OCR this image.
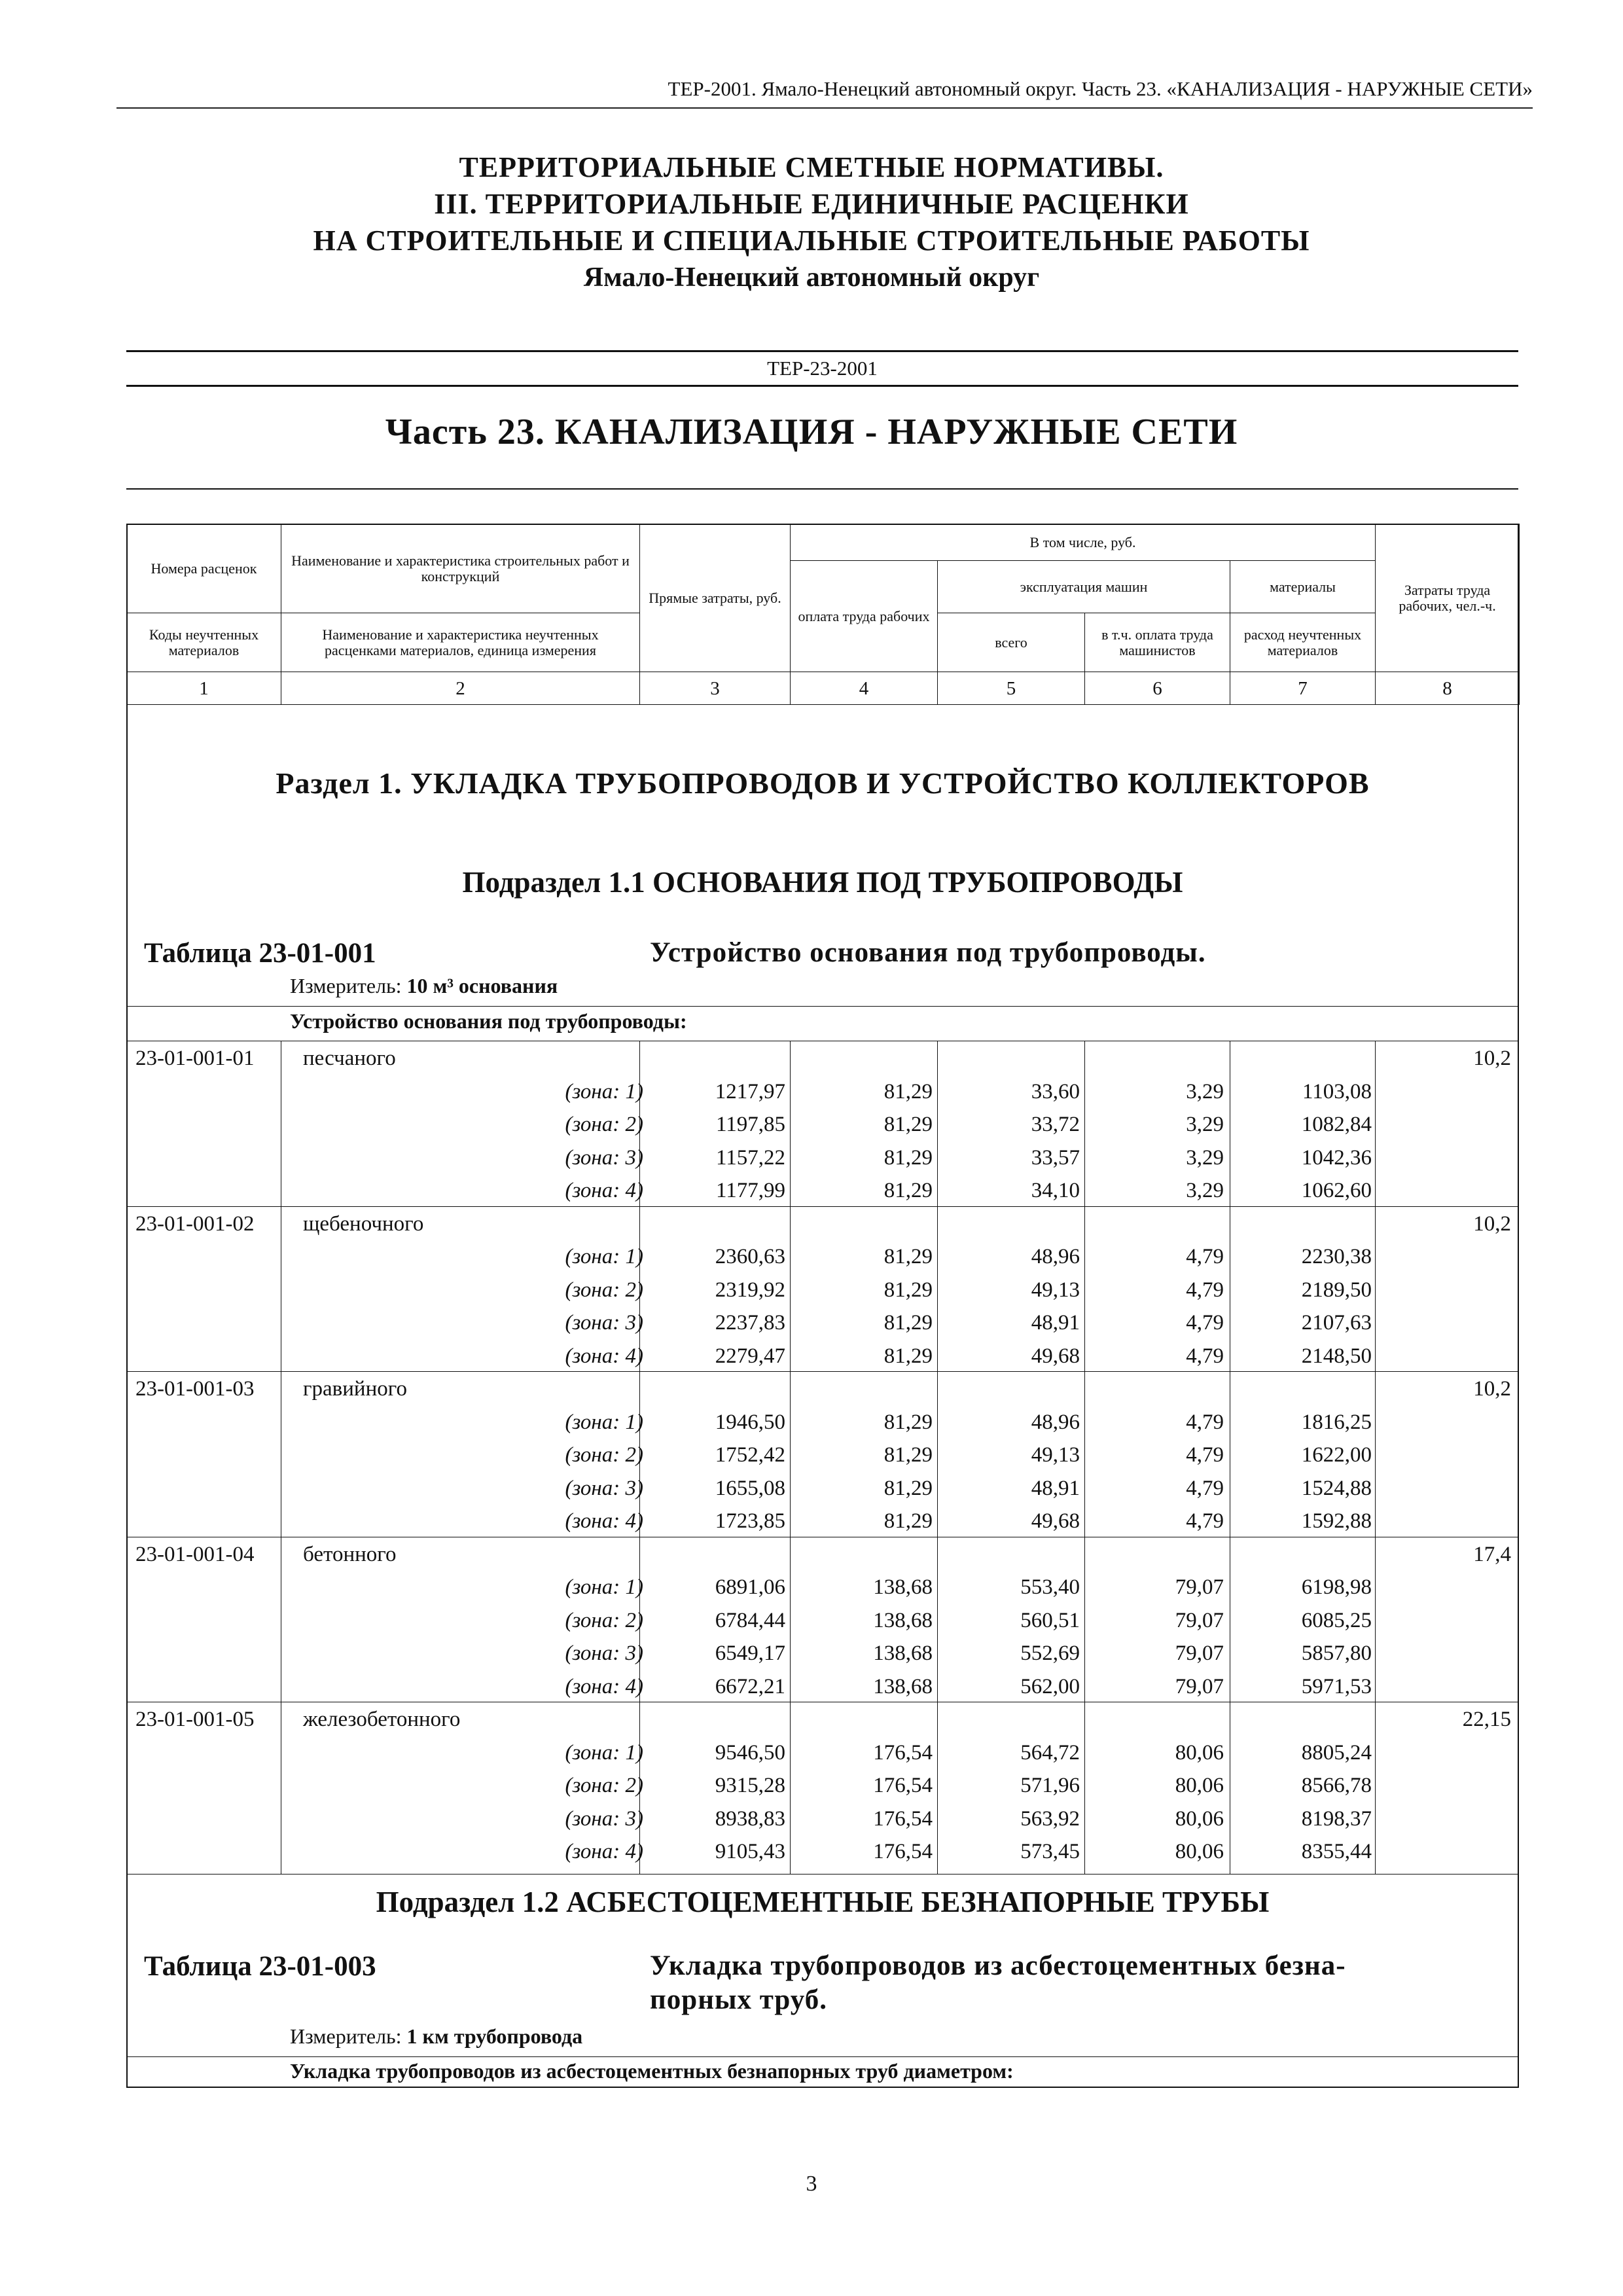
ТЕР-2001. Ямало-Ненецкий автономный округ. Часть 23. «КАНАЛИЗАЦИЯ - НАРУЖНЫЕ СЕТИ»
ТЕРРИТОРИАЛЬНЫЕ СМЕТНЫЕ НОРМАТИВЫ.
III. ТЕРРИТОРИАЛЬНЫЕ ЕДИНИЧНЫЕ РАСЦЕНКИ
НА СТРОИТЕЛЬНЫЕ И СПЕЦИАЛЬНЫЕ СТРОИТЕЛЬНЫЕ РАБОТЫ
Ямало-Ненецкий автономный округ
ТЕР-23-2001
Часть 23. КАНАЛИЗАЦИЯ - НАРУЖНЫЕ СЕТИ
Номера расценок	Наименование и характеристика строительных работ и конструкций	Прямые затраты, руб.	В том числе, руб.				Затраты труда рабочих, чел.-ч.
			оплата труда рабочих	эксплуатация машин		материалы	
Коды неучтенных материалов	Наименование и характеристика неучтенных расценками материалов, единица измерения			всего	в т.ч. оплата труда машинистов	расход неучтенных материалов	
1	2	3	4	5	6	7	8
Раздел 1. УКЛАДКА ТРУБОПРОВОДОВ И УСТРОЙСТВО КОЛЛЕКТОРОВ
Подраздел 1.1 ОСНОВАНИЯ ПОД ТРУБОПРОВОДЫ
Таблица 23-01-001	Устройство основания под трубопроводы.
Измеритель: 10 м³ основания
Устройство основания под трубопроводы:
23-01-001-01 песчаного	10,2
(зона: 1)	1217,97	81,29	33,60	3,29	1103,08
(зона: 2)	1197,85	81,29	33,72	3,29	1082,84
(зона: 3)	1157,22	81,29	33,57	3,29	1042,36
(зона: 4)	1177,99	81,29	34,10	3,29	1062,60
23-01-001-02 щебеночного	10,2
(зона: 1)	2360,63	81,29	48,96	4,79	2230,38
(зона: 2)	2319,92	81,29	49,13	4,79	2189,50
(зона: 3)	2237,83	81,29	48,91	4,79	2107,63
(зона: 4)	2279,47	81,29	49,68	4,79	2148,50
23-01-001-03 гравийного	10,2
(зона: 1)	1946,50	81,29	48,96	4,79	1816,25
(зона: 2)	1752,42	81,29	49,13	4,79	1622,00
(зона: 3)	1655,08	81,29	48,91	4,79	1524,88
(зона: 4)	1723,85	81,29	49,68	4,79	1592,88
23-01-001-04 бетонного	17,4
(зона: 1)	6891,06	138,68	553,40	79,07	6198,98
(зона: 2)	6784,44	138,68	560,51	79,07	6085,25
(зона: 3)	6549,17	138,68	552,69	79,07	5857,80
(зона: 4)	6672,21	138,68	562,00	79,07	5971,53
23-01-001-05 железобетонного	22,15
(зона: 1)	9546,50	176,54	564,72	80,06	8805,24
(зона: 2)	9315,28	176,54	571,96	80,06	8566,78
(зона: 3)	8938,83	176,54	563,92	80,06	8198,37
(зона: 4)	9105,43	176,54	573,45	80,06	8355,44
Подраздел 1.2 АСБЕСТОЦЕМЕНТНЫЕ БЕЗНАПОРНЫЕ ТРУБЫ
Таблица 23-01-003	Укладка трубопроводов из асбестоцементных безна-
порных труб.
Измеритель: 1 км трубопровода
Укладка трубопроводов из асбестоцементных безнапорных труб диаметром:
3
